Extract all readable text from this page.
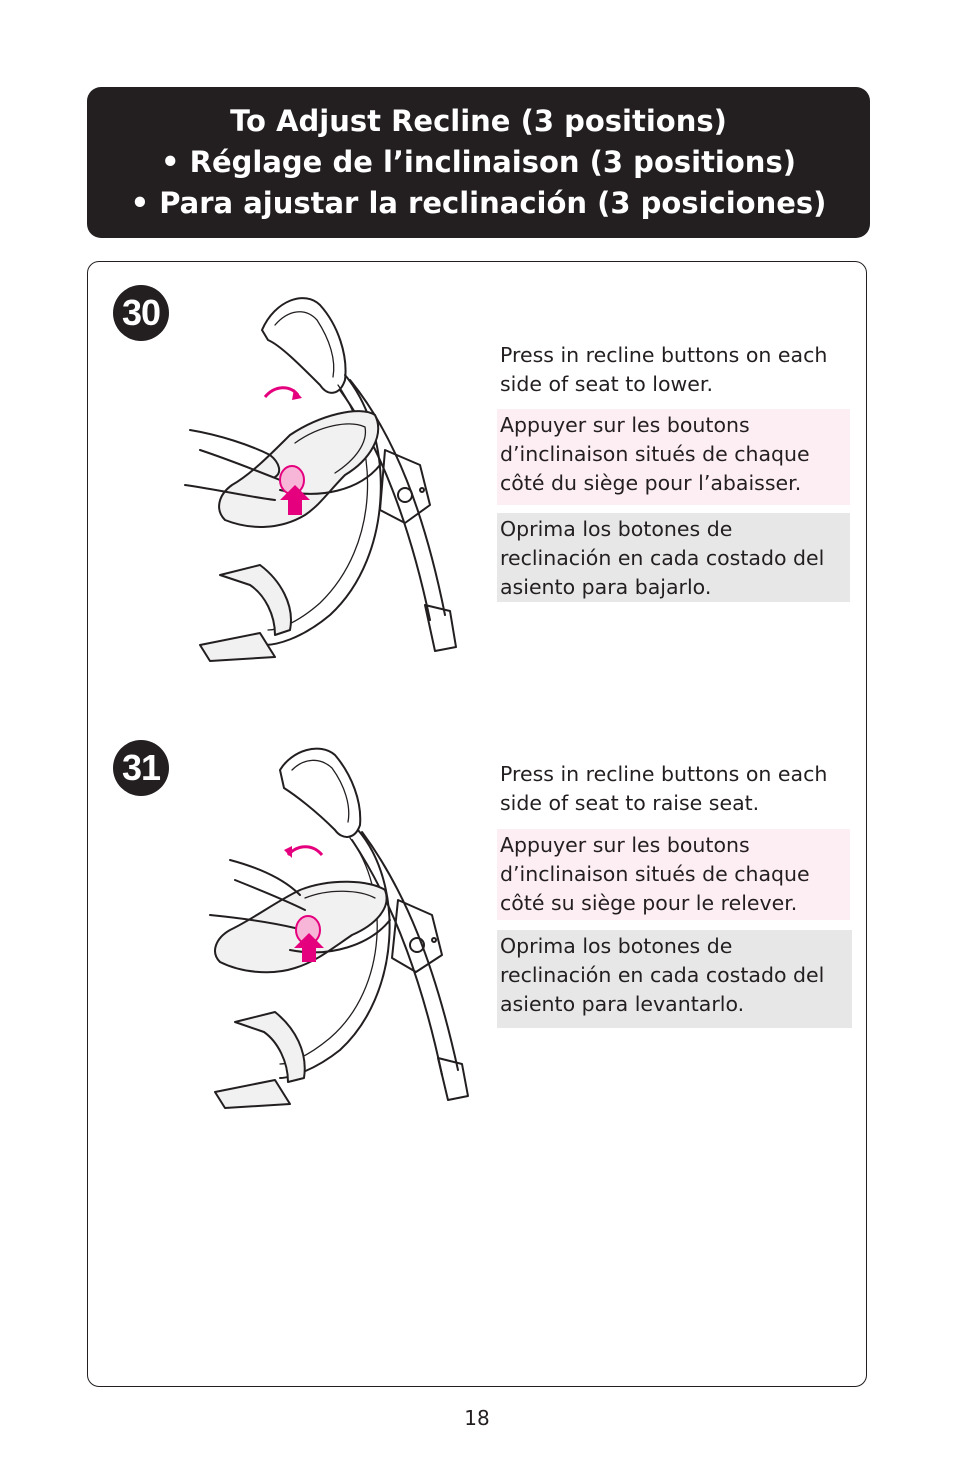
To Adjust Recline (3 positions)
• Réglage de l’inclinaison (3 positions)
• Para ajustar la reclinación (3 posiciones)
30
Press in recline buttons on each side of seat to lower.
Appuyer sur les boutons d’inclinaison situés de chaque côté du siège pour l’abaisser.
Oprima los botones de reclinación en cada costado del asiento para bajarlo.
31	Press in recline buttons on each side of seat to raise seat.
Appuyer sur les boutons d’inclinaison situés de chaque côté su siège pour le relever.
Oprima los botones de reclinación en cada costado del asiento para levantarlo.
18
